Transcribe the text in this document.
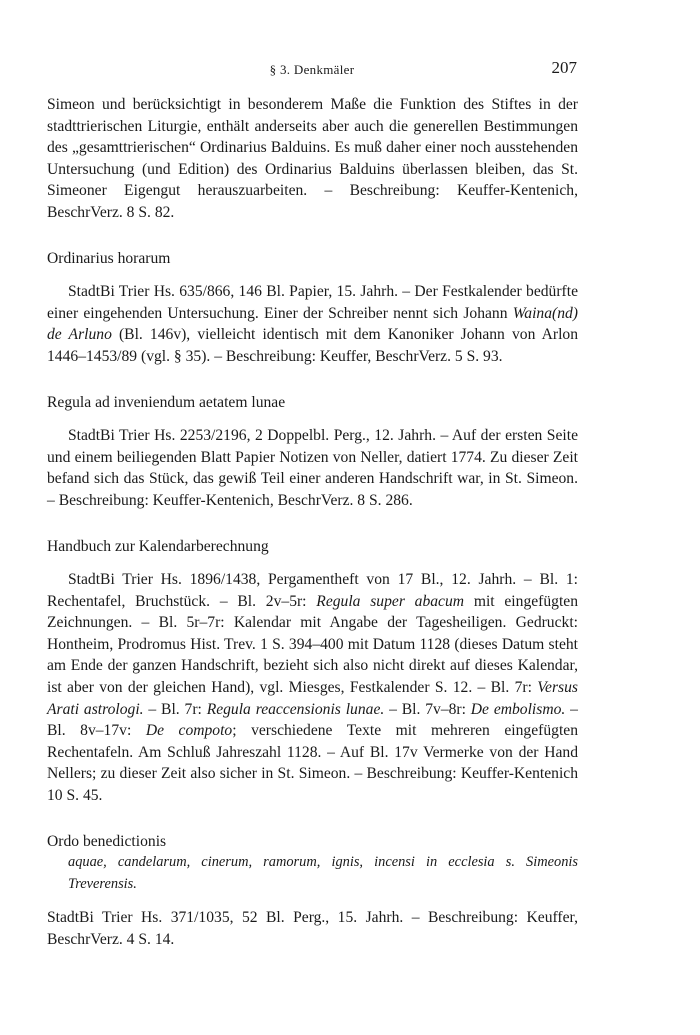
§ 3. Denkmäler	207

Simeon und berücksichtigt in besonderem Maße die Funktion des Stiftes in der stadttrierischen Liturgie, enthält anderseits aber auch die generellen Bestimmungen des „gesamttrierischen“ Ordinarius Balduins. Es muß daher einer noch ausstehenden Untersuchung (und Edition) des Ordinarius Balduins überlassen bleiben, das St. Simeoner Eigengut herauszuarbeiten. – Beschreibung: Keuffer-Kentenich, BeschrVerz. 8 S. 82.

Ordinarius horarum

StadtBi Trier Hs. 635/866, 146 Bl. Papier, 15. Jahrh. – Der Festkalender bedürfte einer eingehenden Untersuchung. Einer der Schreiber nennt sich Johann Waina(nd) de Arluno (Bl. 146v), vielleicht identisch mit dem Kanoniker Johann von Arlon 1446–1453/89 (vgl. § 35). – Beschreibung: Keuffer, BeschrVerz. 5 S. 93.

Regula ad inveniendum aetatem lunae

StadtBi Trier Hs. 2253/2196, 2 Doppelbl. Perg., 12. Jahrh. – Auf der ersten Seite und einem beiliegenden Blatt Papier Notizen von Neller, datiert 1774. Zu dieser Zeit befand sich das Stück, das gewiß Teil einer anderen Handschrift war, in St. Simeon. – Beschreibung: Keuffer-Kentenich, BeschrVerz. 8 S. 286.

Handbuch zur Kalendarberechnung

StadtBi Trier Hs. 1896/1438, Pergamentheft von 17 Bl., 12. Jahrh. – Bl. 1: Rechentafel, Bruchstück. – Bl. 2v–5r: Regula super abacum mit eingefügten Zeichnungen. – Bl. 5r–7r: Kalendar mit Angabe der Tagesheiligen. Gedruckt: Hontheim, Prodromus Hist. Trev. 1 S. 394–400 mit Datum 1128 (dieses Datum steht am Ende der ganzen Handschrift, bezieht sich also nicht direkt auf dieses Kalendar, ist aber von der gleichen Hand), vgl. Miesges, Festkalender S. 12. – Bl. 7r: Versus Arati astrologi. – Bl. 7r: Regula reaccensionis lunae. – Bl. 7v–8r: De embolismo. – Bl. 8v–17v: De compoto; verschiedene Texte mit mehreren eingefügten Rechentafeln. Am Schluß Jahreszahl 1128. – Auf Bl. 17v Vermerke von der Hand Nellers; zu dieser Zeit also sicher in St. Simeon. – Beschreibung: Keuffer-Kentenich 10 S. 45.

Ordo benedictionis

aquae, candelarum, cinerum, ramorum, ignis, incensi in ecclesia s. Simeonis Treverensis.

StadtBi Trier Hs. 371/1035, 52 Bl. Perg., 15. Jahrh. – Beschreibung: Keuffer, BeschrVerz. 4 S. 14.
